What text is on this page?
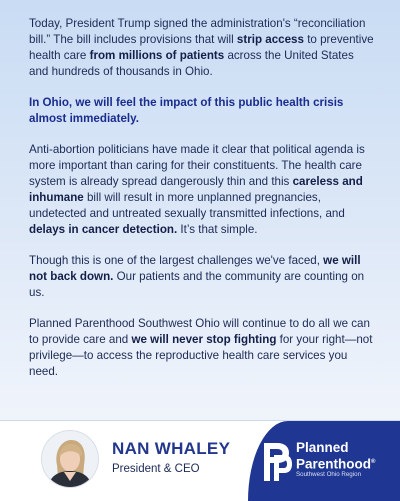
Today, President Trump signed the administration's “reconciliation bill.” The bill includes provisions that will strip access to preventive health care from millions of patients across the United States and hundreds of thousands in Ohio.

In Ohio, we will feel the impact of this public health crisis almost immediately.

Anti-abortion politicians have made it clear that political agenda is more important than caring for their constituents. The health care system is already spread dangerously thin and this careless and inhumane bill will result in more unplanned pregnancies, undetected and untreated sexually transmitted infections, and delays in cancer detection. It’s that simple.

Though this is one of the largest challenges we've faced, we will not back down. Our patients and the community are counting on us.

Planned Parenthood Southwest Ohio will continue to do all we can to provide care and we will never stop fighting for your right—not privilege—to access the reproductive health care services you need.

NAN WHALEY
President & CEO
Planned
Parenthood®
Southwest Ohio Region
